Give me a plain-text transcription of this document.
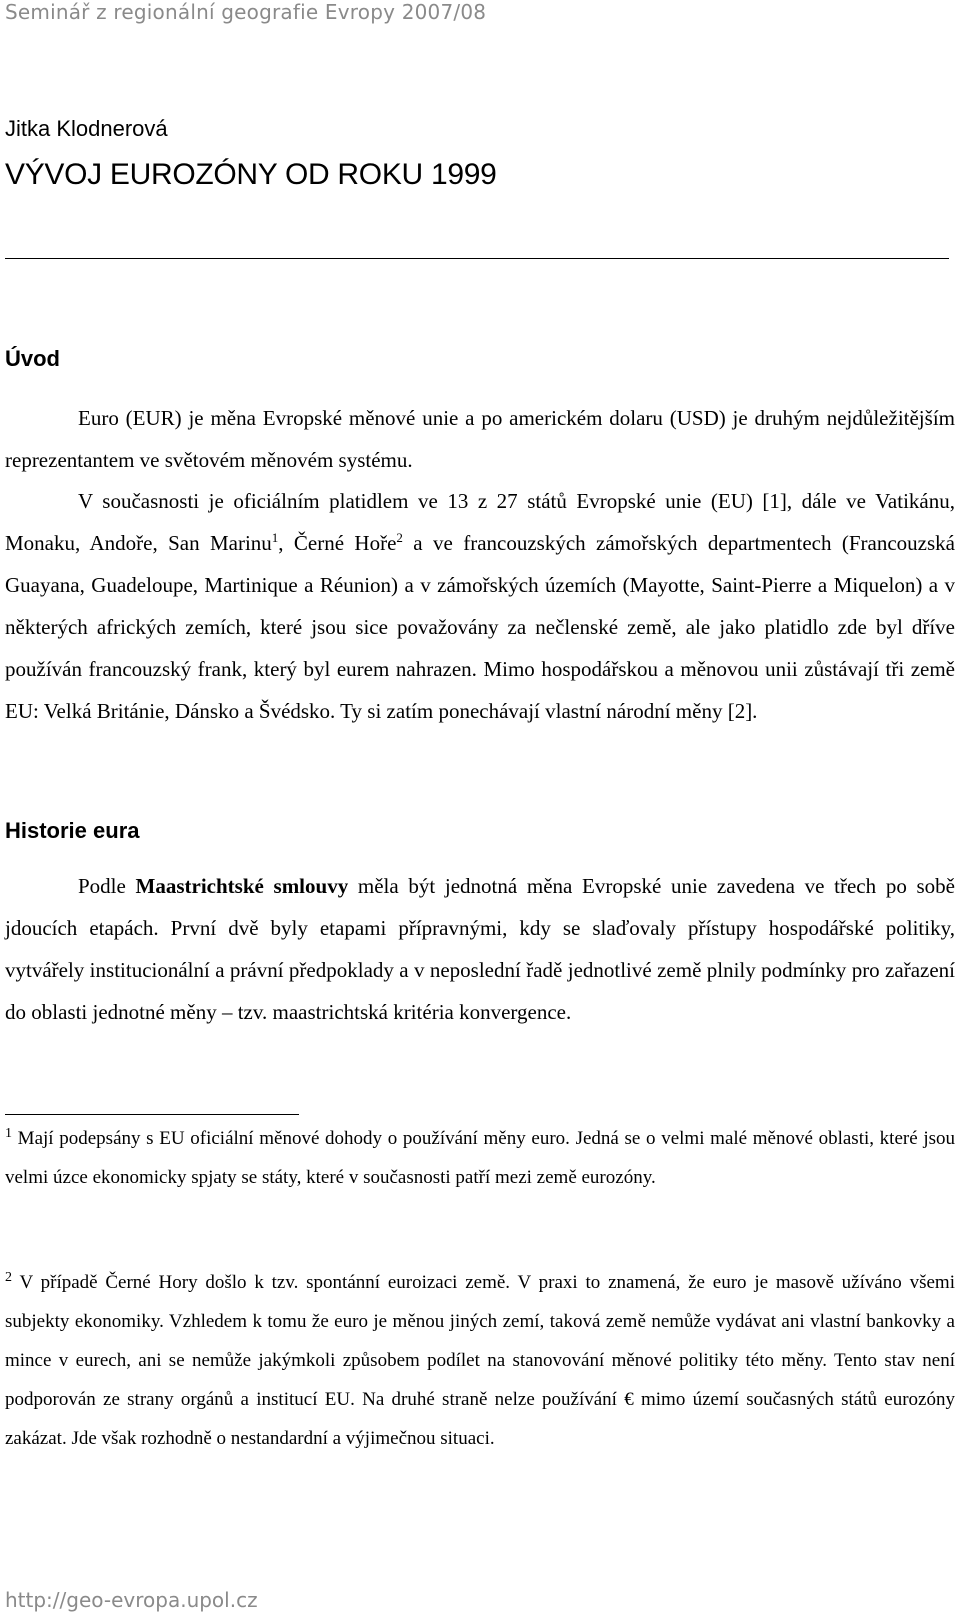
Seminář z regionální geografie Evropy 2007/08
Jitka Klodnerová
VÝVOJ EUROZÓNY OD ROKU 1999
Úvod

Euro (EUR) je měna Evropské měnové unie a po americkém dolaru (USD) je druhým nejdůležitějším reprezentantem ve světovém měnovém systému.

V současnosti je oficiálním platidlem ve 13 z 27 států Evropské unie (EU) [1], dále ve Vatikánu, Monaku, Andoře, San Marinu$^1$, Černé Hoře$^2$ a ve francouzských zámořských departmentech (Francouzská Guayana, Guadeloupe, Martinique a Réunion) a v zámořských územích (Mayotte, Saint-Pierre a Miquelon) a v některých afrických zemích, které jsou sice považovány za nečlenské země, ale jako platidlo zde byl dříve používán francouzský frank, který byl eurem nahrazen. Mimo hospodářskou a měnovou unii zůstávají tři země EU: Velká Británie, Dánsko a Švédsko. Ty si zatím ponechávají vlastní národní měny [2].

Historie eura

Podle Maastrichtské smlouvy měla být jednotná měna Evropské unie zavedena ve třech po sobě jdoucích etapách. První dvě byly etapami přípravnými, kdy se slaďovaly přístupy hospodářské politiky, vytvářely institucionální a právní předpoklady a v neposlední řadě jednotlivé země plnily podmínky pro zařazení do oblasti jednotné měny – tzv. maastrichtská kritéria konvergence.

$^1$ Mají podepsány s EU oficiální měnové dohody o používání měny euro. Jedná se o velmi malé měnové oblasti, které jsou velmi úzce ekonomicky spjaty se státy, které v současnosti patří mezi země eurozóny.

$^2$ V případě Černé Hory došlo k tzv. spontánní euroizaci země. V praxi to znamená, že euro je masově užíváno všemi subjekty ekonomiky. Vzhledem k tomu že euro je měnou jiných zemí, taková země nemůže vydávat ani vlastní bankovky a mince v eurech, ani se nemůže jakýmkoli způsobem podílet na stanovování měnové politiky této měny. Tento stav není podporován ze strany orgánů a institucí EU. Na druhé straně nelze používání € mimo území současných států eurozóny zakázat. Jde však rozhodně o nestandardní a výjimečnou situaci.

http://geo-evropa.upol.cz
